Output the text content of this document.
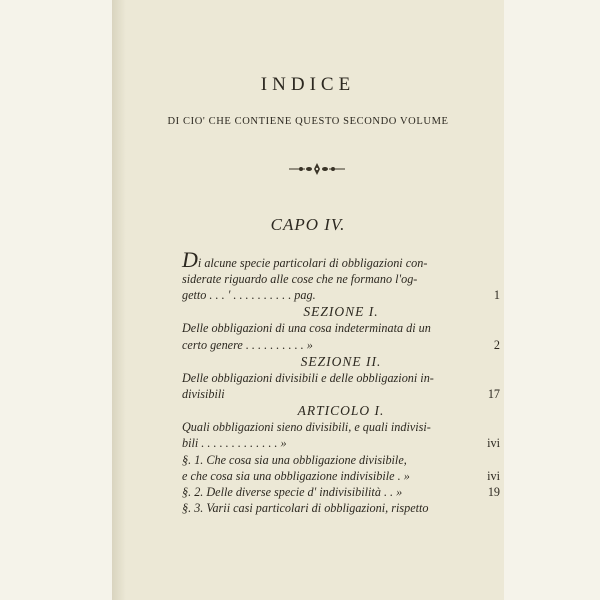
INDICE
DI CIO' CHE CONTIENE QUESTO SECONDO VOLUME
CAPO IV.
Di alcune specie particolari di obbligazioni con-
siderate riguardo alle cose che ne formano l'og-
getto . . . ' . . . . . . . . . . pag.	1
SEZIONE I.
Delle obbligazioni di una cosa indeterminata di un
certo genere . . . . . . . . . . »	2
SEZIONE II.
Delle obbligazioni divisibili e delle obbligazioni in-
divisibili	17
ARTICOLO I.
Quali obbligazioni sieno divisibili, e quali indivisi-
bili . . . . . . . . . . . . . »	ivi
§. 1. Che cosa sia una obbligazione divisibile,
e che cosa sia una obbligazione indivisibile . »	ivi
§. 2. Delle diverse specie d' indivisibilità . . »	19
§. 3. Varii casi particolari di obbligazioni, rispetto
